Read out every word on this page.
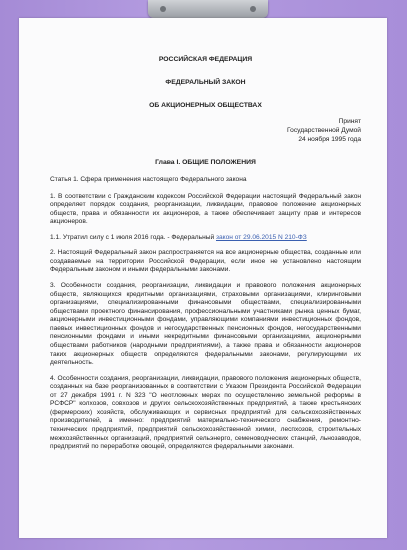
РОССИЙСКАЯ ФЕДЕРАЦИЯ
ФЕДЕРАЛЬНЫЙ ЗАКОН
ОБ АКЦИОНЕРНЫХ ОБЩЕСТВАХ
Принят
Государственной Думой
24 ноября 1995 года
Глава I. ОБЩИЕ ПОЛОЖЕНИЯ
Статья 1. Сфера применения настоящего Федерального закона

1. В соответствии с Гражданским кодексом Российской Федерации настоящий Федеральный закон определяет порядок создания, реорганизации, ликвидации, правовое положение акционерных обществ, права и обязанности их акционеров, а также обеспечивает защиту прав и интересов акционеров.

1.1. Утратил силу с 1 июля 2016 года. - Федеральный закон от 29.06.2015 N 210-ФЗ

2. Настоящий Федеральный закон распространяется на все акционерные общества, созданные или создаваемые на территории Российской Федерации, если иное не установлено настоящим Федеральным законом и иными федеральными законами.

3. Особенности создания, реорганизации, ликвидации и правового положения акционерных обществ, являющихся кредитными организациями, страховыми организациями, клиринговыми организациями, специализированными финансовыми обществами, специализированными обществами проектного финансирования, профессиональными участниками рынка ценных бумаг, акционерными инвестиционными фондами, управляющими компаниями инвестиционных фондов, паевых инвестиционных фондов и негосударственных пенсионных фондов, негосударственными пенсионными фондами и иными некредитными финансовыми организациями, акционерными обществами работников (народными предприятиями), а также права и обязанности акционеров таких акционерных обществ определяются федеральными законами, регулирующими их деятельность.

4. Особенности создания, реорганизации, ликвидации, правового положения акционерных обществ, созданных на базе реорганизованных в соответствии с Указом Президента Российской Федерации от 27 декабря 1991 г. N 323 "О неотложных мерах по осуществлению земельной реформы в РСФСР" колхозов, совхозов и других сельскохозяйственных предприятий, а также крестьянских (фермерских) хозяйств, обслуживающих и сервисных предприятий для сельскохозяйственных производителей, а именно: предприятий материально-технического снабжения, ремонтно-технических предприятий, предприятий сельскохозяйственной химии, леспхозов, строительных межхозяйственных организаций, предприятий сельэнерго, семеноводческих станций, льнозаводов, предприятий по переработке овощей, определяются федеральными законами.
